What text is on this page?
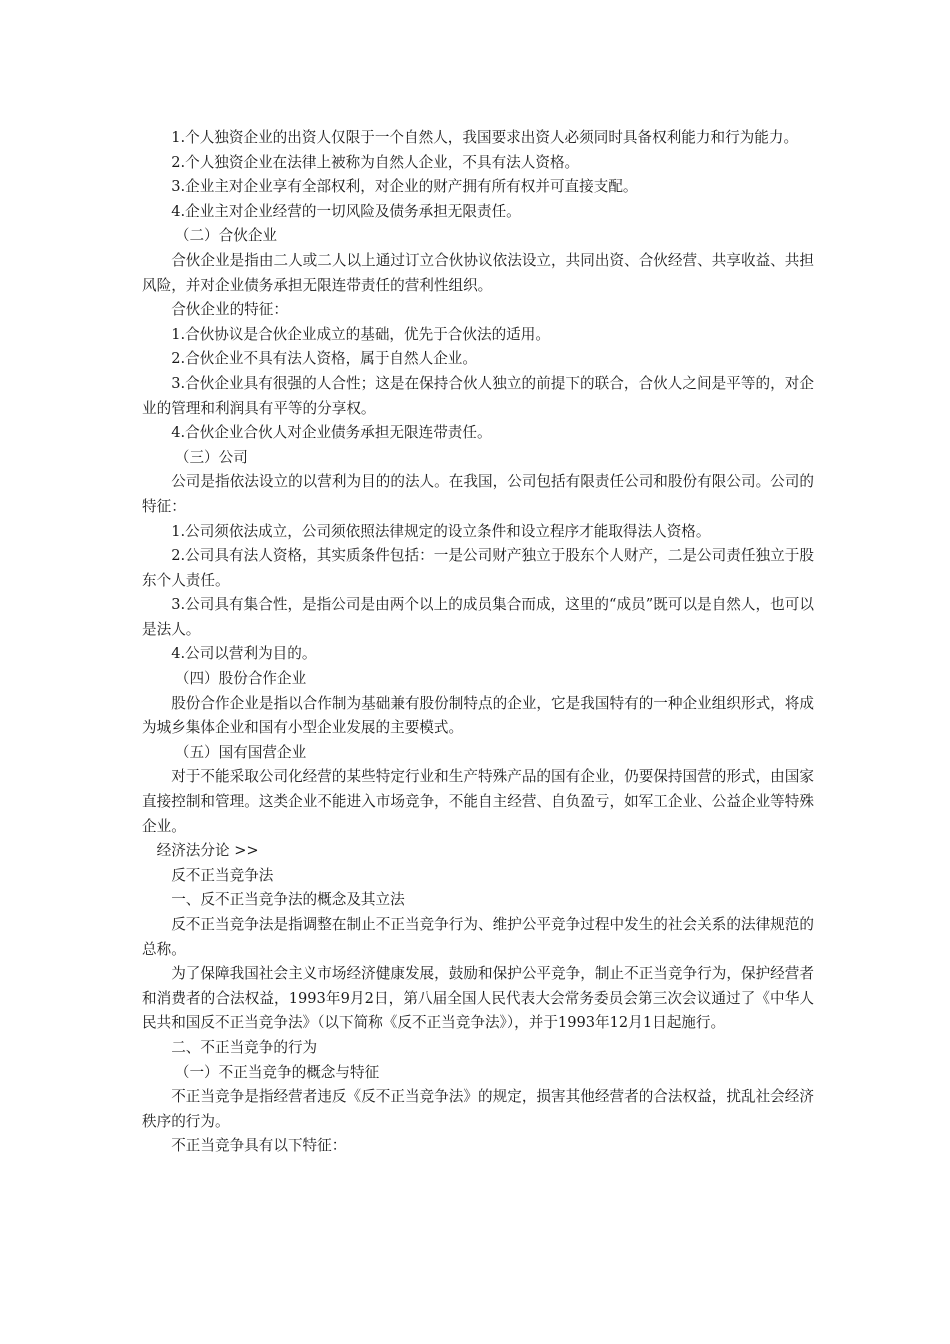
1.个人独资企业的出资人仅限于一个自然人，我国要求出资人必须同时具备权利能力和行为能力。

2.个人独资企业在法律上被称为自然人企业，不具有法人资格。

3.企业主对企业享有全部权利，对企业的财产拥有所有权并可直接支配。

4.企业主对企业经营的一切风险及债务承担无限责任。

（二）合伙企业

合伙企业是指由二人或二人以上通过订立合伙协议依法设立，共同出资、合伙经营、共享收益、共担风险，并对企业债务承担无限连带责任的营利性组织。

合伙企业的特征：

1.合伙协议是合伙企业成立的基础，优先于合伙法的适用。

2.合伙企业不具有法人资格，属于自然人企业。

3.合伙企业具有很强的人合性；这是在保持合伙人独立的前提下的联合，合伙人之间是平等的，对企业的管理和利润具有平等的分享权。

4.合伙企业合伙人对企业债务承担无限连带责任。

（三）公司

公司是指依法设立的以营利为目的的法人。在我国，公司包括有限责任公司和股份有限公司。公司的特征：

1.公司须依法成立，公司须依照法律规定的设立条件和设立程序才能取得法人资格。

2.公司具有法人资格，其实质条件包括：一是公司财产独立于股东个人财产，二是公司责任独立于股东个人责任。

3.公司具有集合性，是指公司是由两个以上的成员集合而成，这里的“成员”既可以是自然人，也可以是法人。

4.公司以营利为目的。

（四）股份合作企业

股份合作企业是指以合作制为基础兼有股份制特点的企业，它是我国特有的一种企业组织形式，将成为城乡集体企业和国有小型企业发展的主要模式。

（五）国有国营企业

对于不能采取公司化经营的某些特定行业和生产特殊产品的国有企业，仍要保持国营的形式，由国家直接控制和管理。这类企业不能进入市场竞争，不能自主经营、自负盈亏，如军工企业、公益企业等特殊企业。

经济法分论 >>

反不正当竞争法

一、反不正当竞争法的概念及其立法

反不正当竞争法是指调整在制止不正当竞争行为、维护公平竞争过程中发生的社会关系的法律规范的总称。

为了保障我国社会主义市场经济健康发展，鼓励和保护公平竞争，制止不正当竞争行为，保护经营者和消费者的合法权益，1993年9月2日，第八届全国人民代表大会常务委员会第三次会议通过了《中华人民共和国反不正当竞争法》（以下简称《反不正当竞争法》），并于1993年12月1日起施行。

二、不正当竞争的行为

（一）不正当竞争的概念与特征

不正当竞争是指经营者违反《反不正当竞争法》的规定，损害其他经营者的合法权益，扰乱社会经济秩序的行为。

不正当竞争具有以下特征：
